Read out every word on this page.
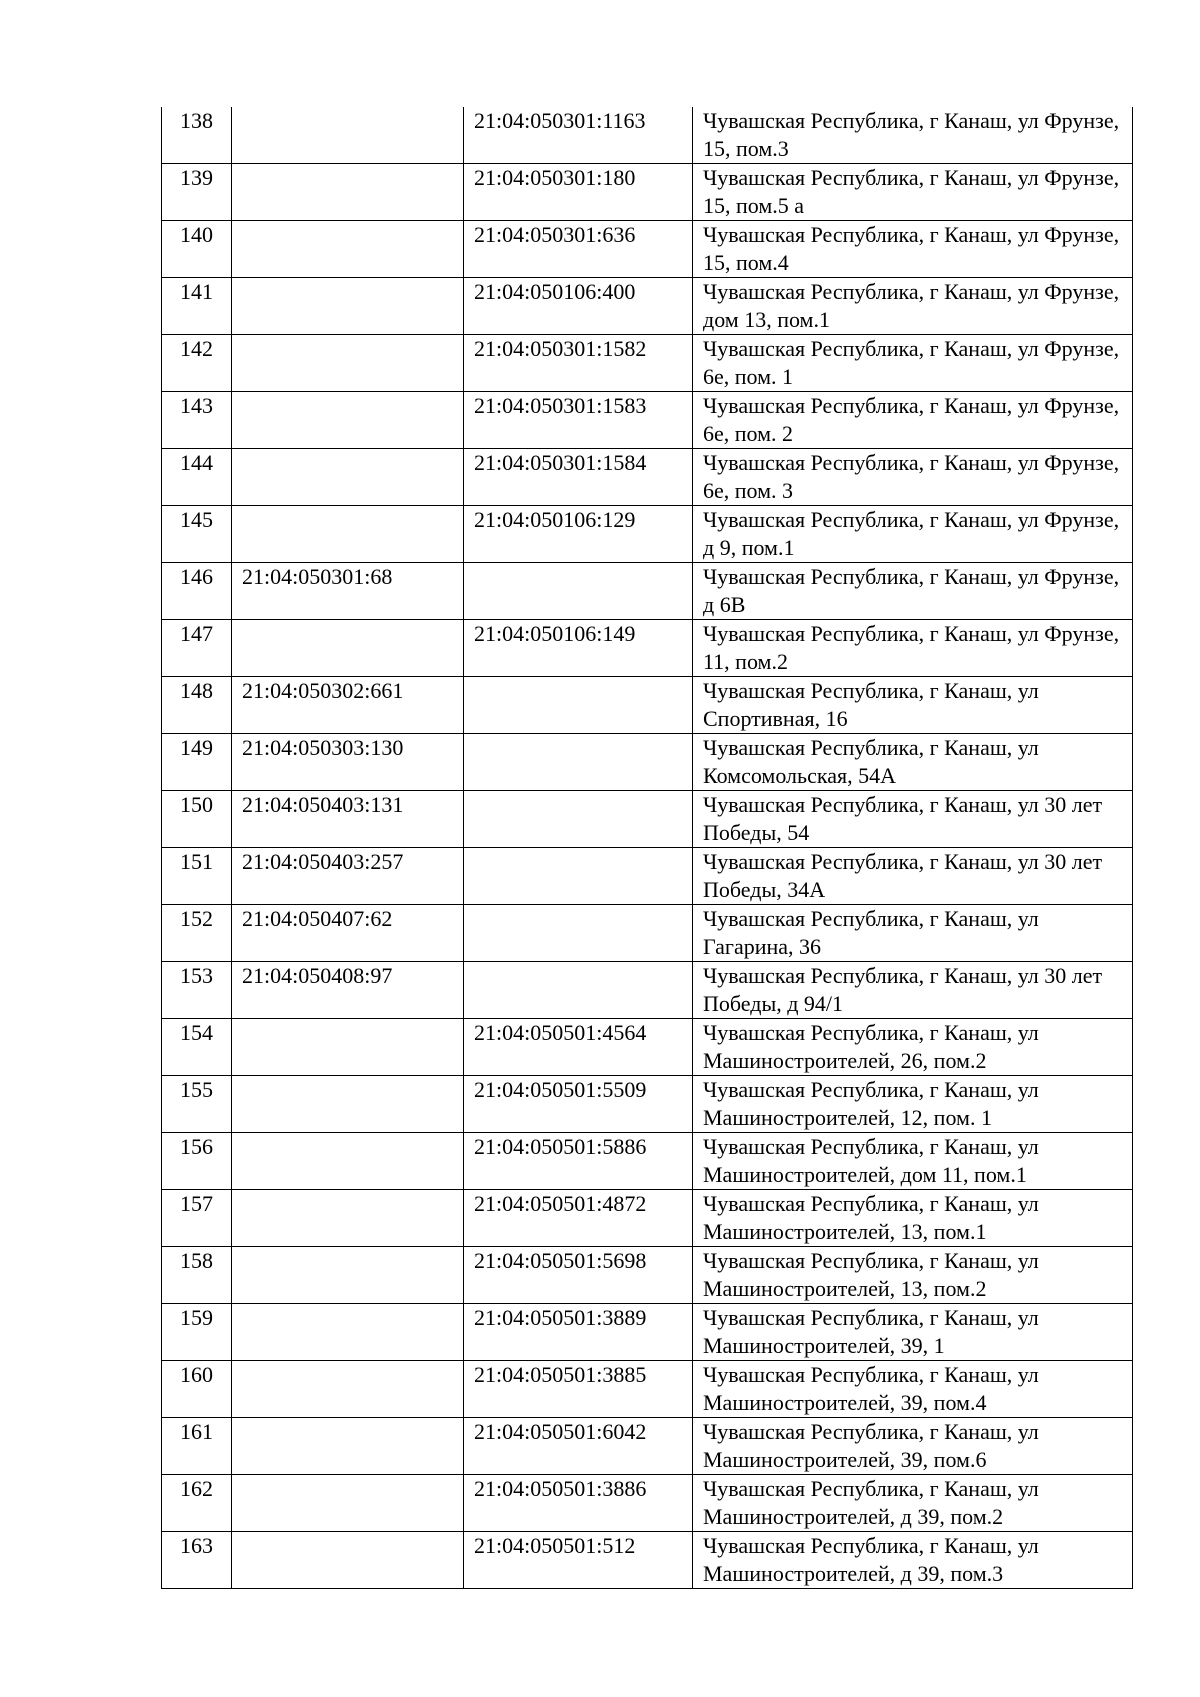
138		21:04:050301:1163	Чувашская Республика, г Канаш, ул Фрунзе, 15, пом.3

139		21:04:050301:180	Чувашская Республика, г Канаш, ул Фрунзе, 15, пом.5 а

140		21:04:050301:636	Чувашская Республика, г Канаш, ул Фрунзе, 15, пом.4

141		21:04:050106:400	Чувашская Республика, г Канаш, ул Фрунзе, дом 13, пом.1

142		21:04:050301:1582	Чувашская Республика, г Канаш, ул Фрунзе, 6е, пом. 1

143		21:04:050301:1583	Чувашская Республика, г Канаш, ул Фрунзе, 6е, пом. 2

144		21:04:050301:1584	Чувашская Республика, г Канаш, ул Фрунзе, 6е, пом. 3

145		21:04:050106:129	Чувашская Республика, г Канаш, ул Фрунзе, д 9, пом.1

146	21:04:050301:68		Чувашская Республика, г Канаш, ул Фрунзе, д 6В

147		21:04:050106:149	Чувашская Республика, г Канаш, ул Фрунзе, 11, пом.2

148	21:04:050302:661		Чувашская Республика, г Канаш, ул Спортивная, 16

149	21:04:050303:130		Чувашская Республика, г Канаш, ул Комсомольская, 54А

150	21:04:050403:131		Чувашская Республика, г Канаш, ул 30 лет Победы, 54

151	21:04:050403:257		Чувашская Республика, г Канаш, ул 30 лет Победы, 34А

152	21:04:050407:62		Чувашская Республика, г Канаш, ул Гагарина, 36

153	21:04:050408:97		Чувашская Республика, г Канаш, ул 30 лет Победы, д 94/1

154		21:04:050501:4564	Чувашская Республика, г Канаш, ул Машиностроителей, 26, пом.2

155		21:04:050501:5509	Чувашская Республика, г Канаш, ул Машиностроителей, 12, пом. 1

156		21:04:050501:5886	Чувашская Республика, г Канаш, ул Машиностроителей, дом 11, пом.1

157		21:04:050501:4872	Чувашская Республика, г Канаш, ул Машиностроителей, 13, пом.1

158		21:04:050501:5698	Чувашская Республика, г Канаш, ул Машиностроителей, 13, пом.2

159		21:04:050501:3889	Чувашская Республика, г Канаш, ул Машиностроителей, 39, 1

160		21:04:050501:3885	Чувашская Республика, г Канаш, ул Машиностроителей, 39, пом.4

161		21:04:050501:6042	Чувашская Республика, г Канаш, ул Машиностроителей, 39, пом.6

162		21:04:050501:3886	Чувашская Республика, г Канаш, ул Машиностроителей, д 39, пом.2

163		21:04:050501:512	Чувашская Республика, г Канаш, ул Машиностроителей, д 39, пом.3
